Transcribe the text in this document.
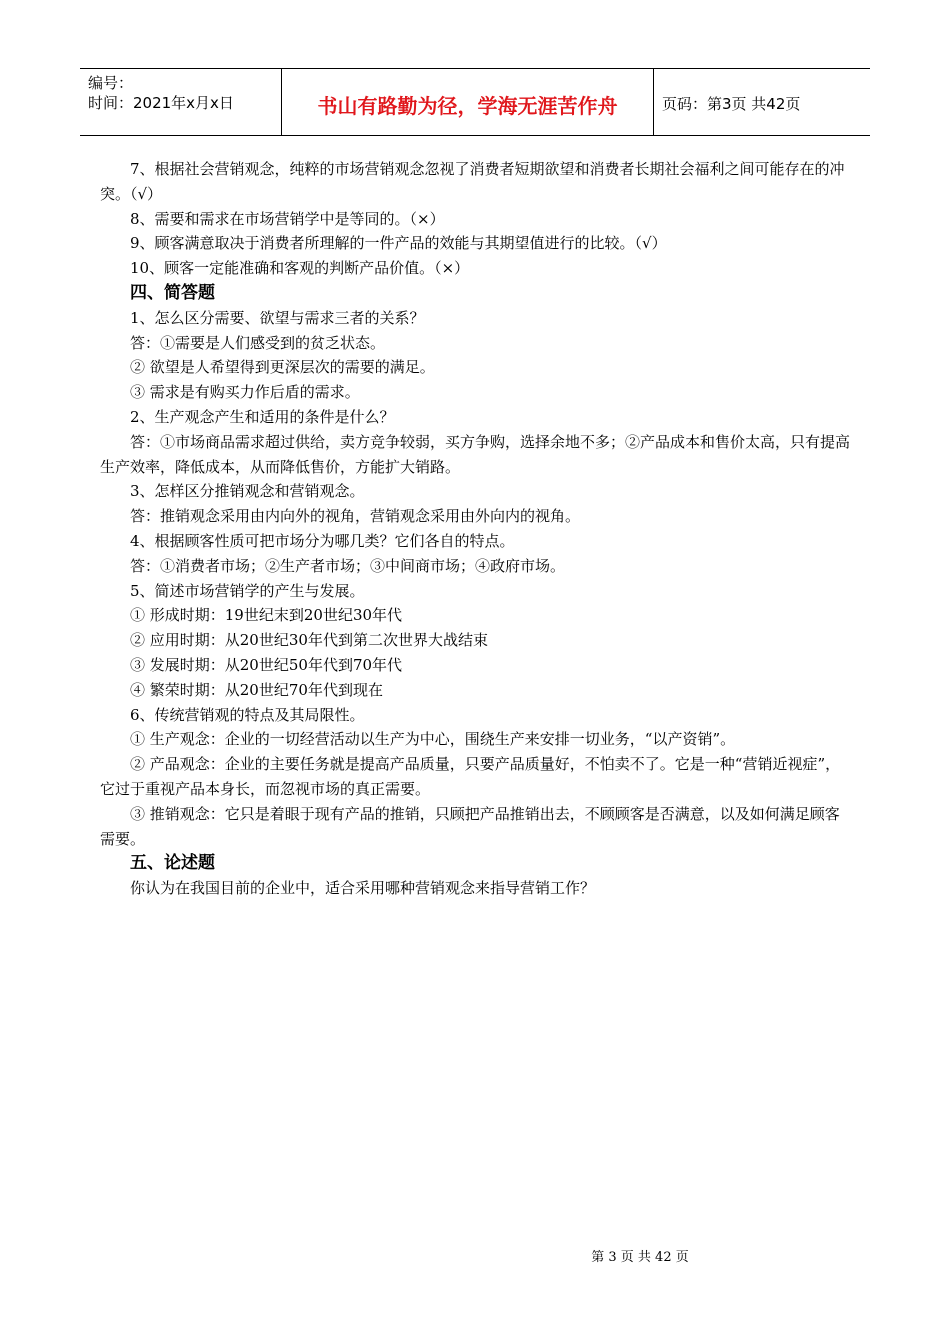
编号：
时间：2021年x月x日	书山有路勤为径，学海无涯苦作舟	页码：第3页 共42页

7、根据社会营销观念，纯粹的市场营销观念忽视了消费者短期欲望和消费者长期社会福利之间可能存在的冲突。（√）

8、需要和需求在市场营销学中是等同的。（×）

9、顾客满意取决于消费者所理解的一件产品的效能与其期望值进行的比较。（√）

10、顾客一定能准确和客观的判断产品价值。（×）

四、简答题

1、怎么区分需要、欲望与需求三者的关系？

答：①需要是人们感受到的贫乏状态。

② 欲望是人希望得到更深层次的需要的满足。

③ 需求是有购买力作后盾的需求。

2、生产观念产生和适用的条件是什么？

答：①市场商品需求超过供给，卖方竞争较弱，买方争购，选择余地不多；②产品成本和售价太高，只有提高生产效率，降低成本，从而降低售价，方能扩大销路。

3、怎样区分推销观念和营销观念。

答：推销观念采用由内向外的视角，营销观念采用由外向内的视角。

4、根据顾客性质可把市场分为哪几类？它们各自的特点。

答：①消费者市场；②生产者市场；③中间商市场；④政府市场。

5、简述市场营销学的产生与发展。

① 形成时期：19世纪末到20世纪30年代

② 应用时期：从20世纪30年代到第二次世界大战结束

③ 发展时期：从20世纪50年代到70年代

④ 繁荣时期：从20世纪70年代到现在

6、传统营销观的特点及其局限性。

① 生产观念：企业的一切经营活动以生产为中心，围绕生产来安排一切业务，“以产资销”。

② 产品观念：企业的主要任务就是提高产品质量，只要产品质量好，不怕卖不了。它是一种“营销近视症”，它过于重视产品本身长，而忽视市场的真正需要。

③ 推销观念：它只是着眼于现有产品的推销，只顾把产品推销出去，不顾顾客是否满意，以及如何满足顾客需要。

五、论述题

你认为在我国目前的企业中，适合采用哪种营销观念来指导营销工作？

第 3 页 共 42 页
